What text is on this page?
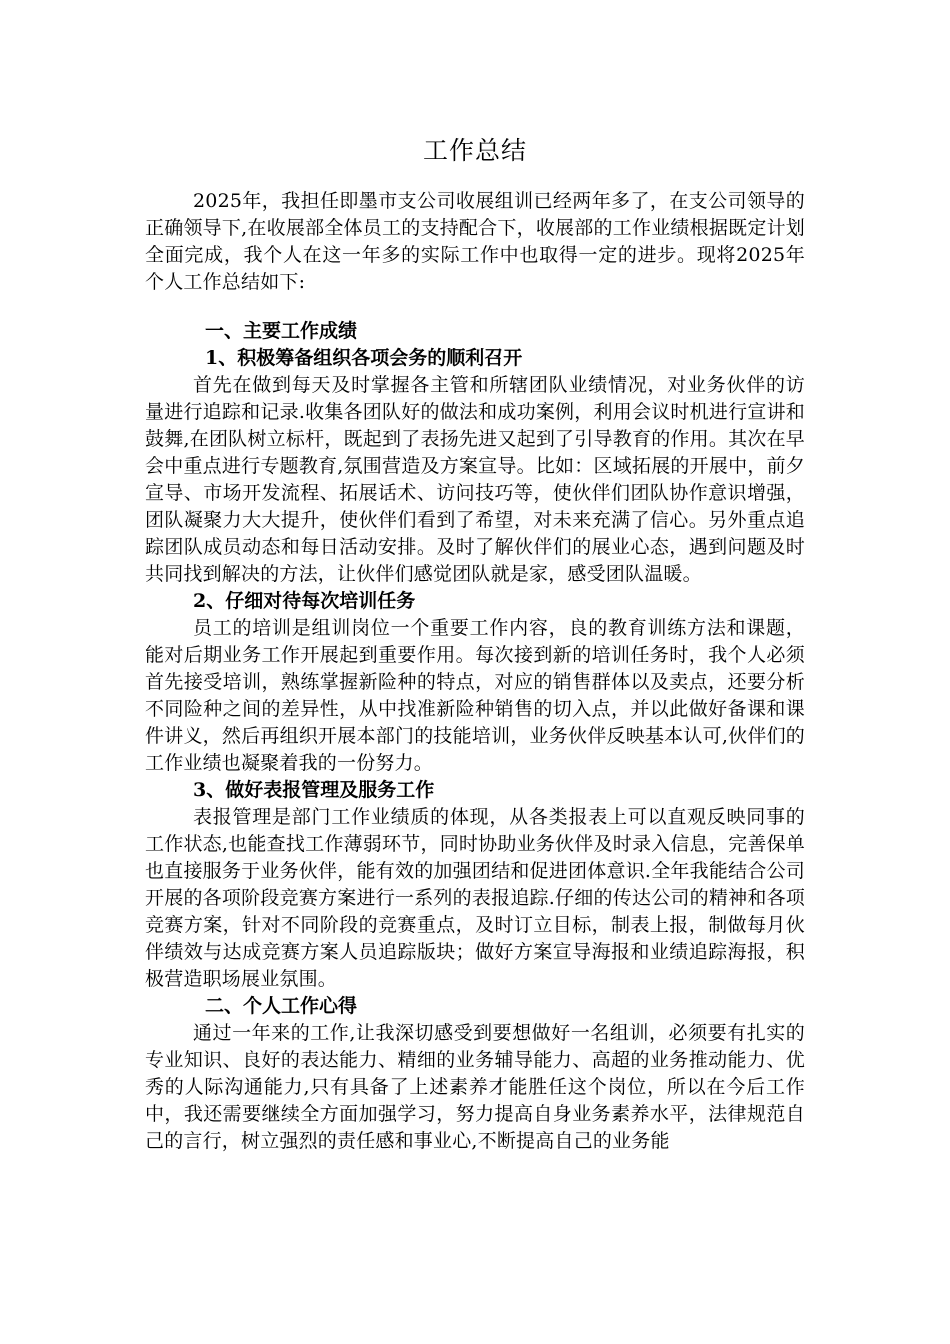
工作总结

2025年，我担任即墨市支公司收展组训已经两年多了，在支公司领导的正确领导下,在收展部全体员工的支持配合下，收展部的工作业绩根据既定计划全面完成，我个人在这一年多的实际工作中也取得一定的进步。现将2025年个人工作总结如下:

一、主要工作成绩

1、积极筹备组织各项会务的顺利召开

首先在做到每天及时掌握各主管和所辖团队业绩情况，对业务伙伴的访量进行追踪和记录.收集各团队好的做法和成功案例，利用会议时机进行宣讲和鼓舞,在团队树立标杆，既起到了表扬先进又起到了引导教育的作用。其次在早会中重点进行专题教育,氛围营造及方案宣导。比如：区域拓展的开展中，前夕宣导、市场开发流程、拓展话术、访问技巧等，使伙伴们团队协作意识增强，团队凝聚力大大提升，使伙伴们看到了希望，对未来充满了信心。另外重点追踪团队成员动态和每日活动安排。及时了解伙伴们的展业心态，遇到问题及时共同找到解决的方法，让伙伴们感觉团队就是家，感受团队温暖。

2、仔细对待每次培训任务

员工的培训是组训岗位一个重要工作内容，良的教育训练方法和课题，能对后期业务工作开展起到重要作用。每次接到新的培训任务时，我个人必须首先接受培训，熟练掌握新险种的特点，对应的销售群体以及卖点，还要分析不同险种之间的差异性，从中找准新险种销售的切入点，并以此做好备课和课件讲义，然后再组织开展本部门的技能培训，业务伙伴反映基本认可,伙伴们的工作业绩也凝聚着我的一份努力。

3、做好表报管理及服务工作

表报管理是部门工作业绩质的体现，从各类报表上可以直观反映同事的工作状态,也能查找工作薄弱环节，同时协助业务伙伴及时录入信息，完善保单也直接服务于业务伙伴，能有效的加强团结和促进团体意识.全年我能结合公司开展的各项阶段竞赛方案进行一系列的表报追踪.仔细的传达公司的精神和各项竞赛方案，针对不同阶段的竞赛重点，及时订立目标，制表上报，制做每月伙伴绩效与达成竞赛方案人员追踪版块；做好方案宣导海报和业绩追踪海报，积极营造职场展业氛围。

二、个人工作心得

通过一年来的工作,让我深切感受到要想做好一名组训，必须要有扎实的专业知识、良好的表达能力、精细的业务辅导能力、高超的业务推动能力、优秀的人际沟通能力,只有具备了上述素养才能胜任这个岗位，所以在今后工作中，我还需要继续全方面加强学习，努力提高自身业务素养水平，法律规范自己的言行，树立强烈的责任感和事业心,不断提高自己的业务能
